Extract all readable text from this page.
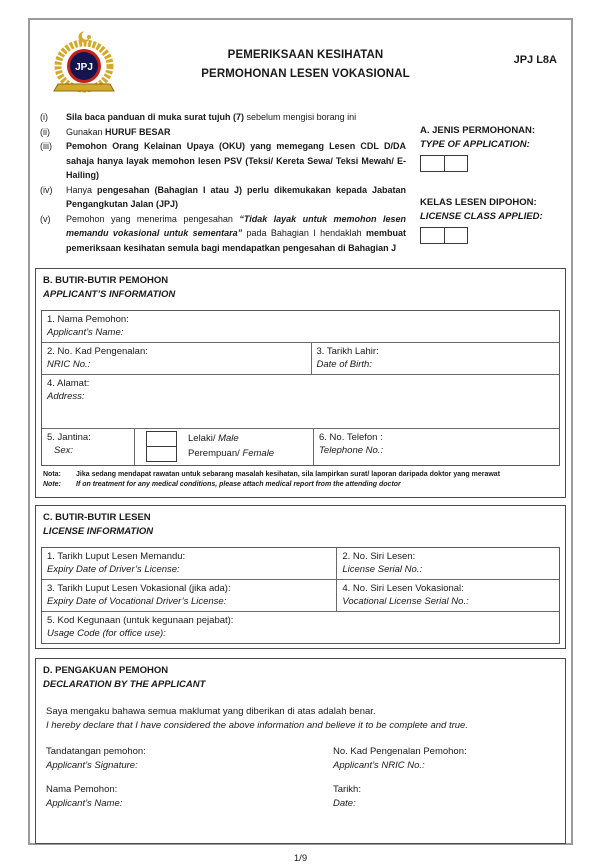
JPJ
PEMERIKSAAN KESIHATAN
PERMOHONAN LESEN VOKASIONAL
JPJ L8A
(i)	Sila baca panduan di muka surat tujuh (7) sebelum mengisi borang ini
(ii)	Gunakan HURUF BESAR
(iii)	Pemohon Orang Kelainan Upaya (OKU) yang memegang Lesen CDL D/DA sahaja hanya layak memohon lesen PSV (Teksi/ Kereta Sewa/ Teksi Mewah/ E-Hailing)
(iv)	Hanya pengesahan (Bahagian I atau J) perlu dikemukakan kepada Jabatan Pengangkutan Jalan (JPJ)
(v)	Pemohon yang menerima pengesahan “Tidak layak untuk memohon lesen memandu vokasional untuk sementara” pada Bahagian I hendaklah membuat pemeriksaan kesihatan semula bagi mendapatkan pengesahan di Bahagian J
A. JENIS PERMOHONAN:
TYPE OF APPLICATION:
KELAS LESEN DIPOHON:
LICENSE CLASS APPLIED:
B. BUTIR-BUTIR PEMOHON
APPLICANT’S INFORMATION
1. Nama Pemohon:
Applicant’s Name:
2. No. Kad Pengenalan:
NRIC No.:
3. Tarikh Lahir:
Date of Birth:
4. Alamat:
Address:
5. Jantina:
Sex:
Lelaki/ Male
Perempuan/ Female
6. No. Telefon :
Telephone No.:
Nota:	Jika sedang mendapat rawatan untuk sebarang masalah kesihatan, sila lampirkan surat/ laporan daripada doktor yang merawat
Note:	If on treatment for any medical conditions, please attach medical report from the attending doctor
C. BUTIR-BUTIR LESEN
LICENSE INFORMATION
1. Tarikh Luput Lesen Memandu:
Expiry Date of Driver’s License:
2. No. Siri Lesen:
License Serial No.:
3. Tarikh Luput Lesen Vokasional (jika ada):
Expiry Date of Vocational Driver’s License:
4. No. Siri Lesen Vokasional:
Vocational License Serial No.:
5. Kod Kegunaan (untuk kegunaan pejabat):
Usage Code (for office use):
D. PENGAKUAN PEMOHON
DECLARATION BY THE APPLICANT
Saya mengaku bahawa semua maklumat yang diberikan di atas adalah benar.
I hereby declare that I have considered the above information and believe it to be complete and true.
Tandatangan pemohon:
Applicant’s Signature:
No. Kad Pengenalan Pemohon:
Applicant’s NRIC No.:
Nama Pemohon:
Applicant’s Name:
Tarikh:
Date:
1/9
